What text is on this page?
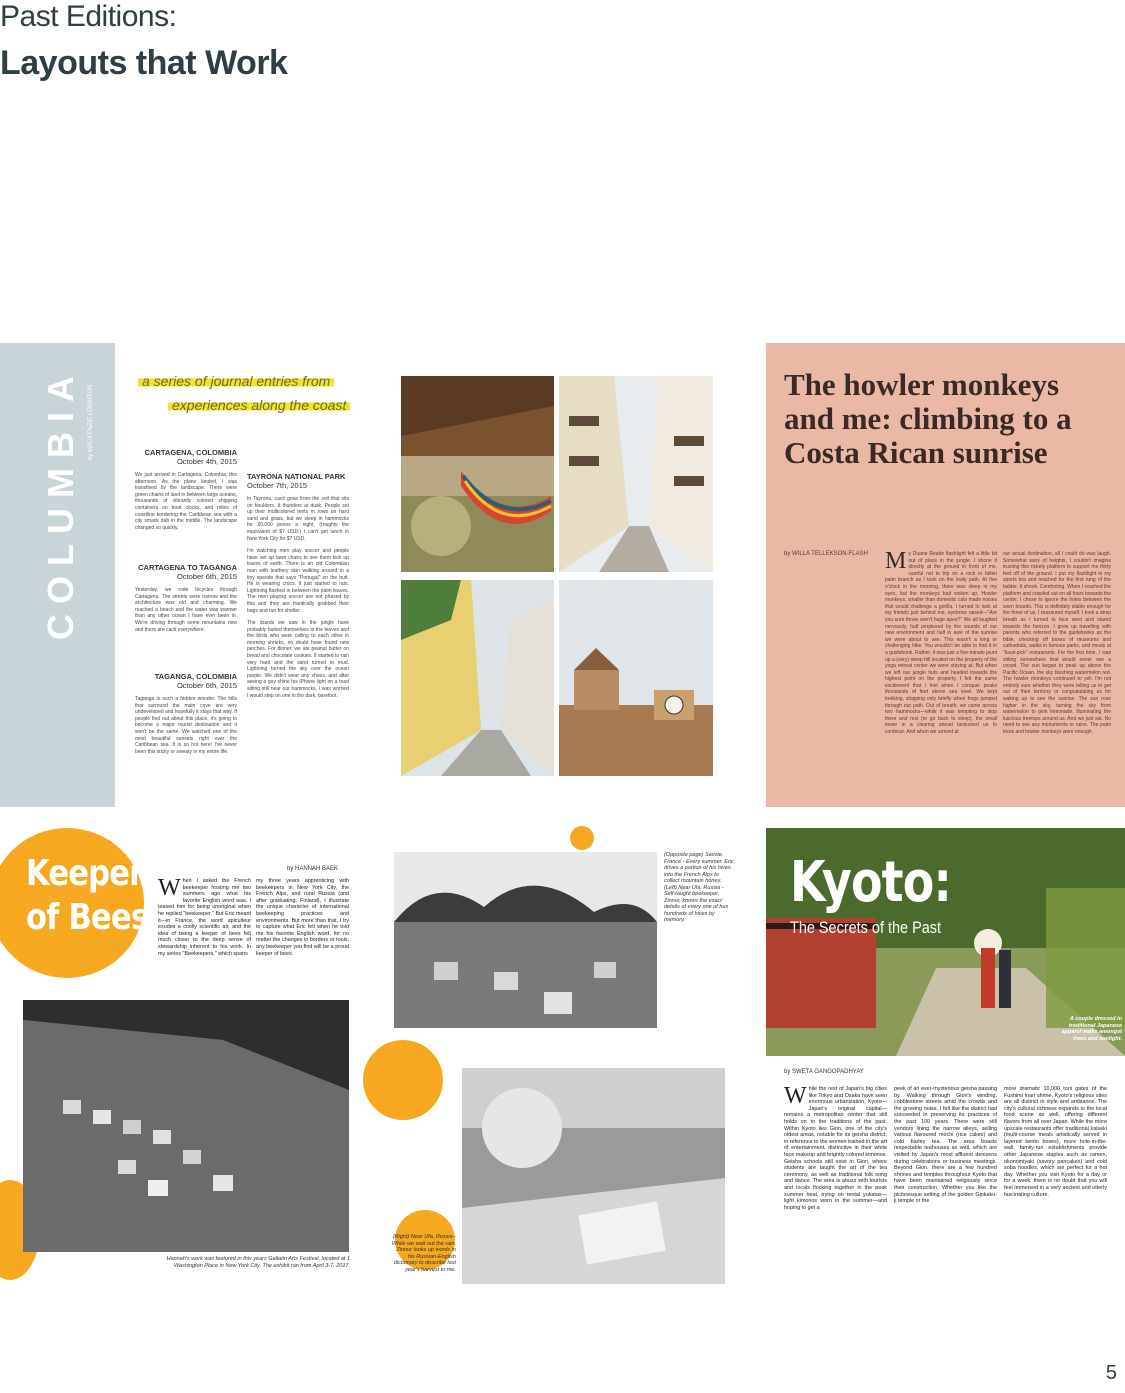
Past Editions:
Layouts that Work
COLUMBIA by MACKENZIE LEIGHTON
a series of journal entries from
experiences along the coast
CARTAGENA, COLOMBIA
October 4th, 2015
We just arrived in Cartagena, Colombia, this afternoon. As the plane landed, I was transfixed by the landscape. There were green chains of land in between large oceans, thousands of vibrantly colored shipping containers on boat clocks, and miles of coastline bordering the Caribbean sea with a city smack dab in the middle. The landscape changed so quickly.
CARTAGENA TO TAGANGA
October 6th, 2015
Yesterday, we rode bicycles through Cartagena. The streets were narrow and the architecture was old and charming. We reached a beach and the water was warmer than any other ocean I have ever been in. We're driving through some mountains now and there are cacti everywhere.
TAGANGA, COLOMBIA
October 6th, 2015
Taganga is such a hidden wonder. The hills that surround the main cove are very undeveloped and hopefully it stays that way. If people find out about this place, it's going to become a major tourist destination and it won't be the same. We watched one of the most beautiful sunsets right over the Caribbean sea. It is so hot here! I've never been this sticky or sweaty in my entire life.
TAYRONA NATIONAL PARK
October 7th, 2015
In Tayrona, cacti grow from the soil that sits on boulders. It thunders at dusk. People set up their multicolored tents in rows on hard sand and grass, but we sleep in hammocks for 20,000 pesos a night, (roughly the equivalent of $7 USD.) I can't get lunch in New York City for $7 USD.
I'm watching men play soccer and people have set up lawn chairs to see them kick up traces of earth. There is an old Colombian man with leathery skin walking around in a tiny speedo that says "Portugal" on the butt. He is wearing crocs. It just started to rain. Lightning flashed in between the palm leaves. The men playing soccer are not phased by this and they are frantically grabbed their bags and run for shelter.
The lizards we saw in the jungle have probably buried themselves in the leaves and the birds who were calling to each other in morning shrieks, no doubt have found new perches. For dinner, we ate peanut butter on bread and chocolate cookies. It started to rain very hard and the sand turned to mud. Lightning turned the sky over the ocean purple. We didn't wear any shoes, and after seeing a guy shine his iPhone light on a toad sitting still near our hammocks, I was worried I would step on one in the dark, barefoot.
The howler monkeys and me: climbing to a Costa Rican sunrise
by WILLA TELLEKSON-FLASH My Duane Reade flashlight felt a little bit out of place in the jungle. I shone it directly at the ground in front of me, careful not to trip on a rock or fallen palm branch as I took on the leafy path. At five o'clock in the morning, there was sleep in my eyes, but the monkeys had woken up. Howler monkeys, smaller than domestic cats made noises that would challenge a gorilla. I turned to look at my friends just behind me, eyebrow raised—"Are you sure those aren't huge apes?" We all laughed nervously, half perplexed by the sounds of our new environment and half in awe of the sunrise we were about to see. This wasn't a long or challenging hike. You wouldn't be able to find it in a guidebook. Rather, it was just a five-minute jaunt up a (very) steep hill located on the property of the yoga retreat center we were staying at. But when we left our jungle huts and headed towards the highest point on the property, I felt the same excitement that I feel when I conquer peaks thousands of feet above sea level. We kept trekking, stopping only briefly when frogs jumped through our path. Out of breath, we came across two hammocks—while it was tempting to stop there and rest (or go back to sleep), the small tower in a clearing ahead beckoned us to continue. And when we arrived at
our actual destination, all I could do was laugh. Somewhat wary of heights, I couldn't imagine trusting this rickety platform to support me thirty feet off of the ground. I put my flashlight in my sports bra and reached for the first rung of the ladder. It shook. Comforting. When I reached the platform and crawled out on all fours towards the center, I chose to ignore the holes between the worn boards. This is definitely stable enough for the three of us, I reassured myself. I took a deep breath as I turned to face west and stared towards the horizon. I grew up travelling with parents who referred to the guidebooks as the bible, checking off boxes of museums and cathedrals, walks in famous parks, and meals at "local-pick" restaurants. For the first time, I was sitting somewhere that would never see a crowd. The sun began to peak up above the Pacific Ocean, the sky blushing watermelon red. The howler monkeys continued to yell. I'm not entirely sure whether they were telling us to get out of their territory or congratulating us for waking up to see the sunrise. The sun rose higher in the sky, turning the sky from watermelon to pink lemonade, illuminating the luscious treetops around us. And we just sat. No need to see any monuments or ruins. The palm trees and howler monkeys were enough.
Keeper
of Bees
by HANNAH BAEK
When I asked the French beekeeper hosting me two summers ago what his favorite English word was, I teased him for being unoriginal when he replied "beekeeper." But Eric meant it—in France, the word apiculteur exudes a coolly scientific air, and the idea of being a keeper of bees felt much closer to the deep sense of stewardship inherent to his work. In my series "Beekeepers," which spans
my three years apprenticing with beekeepers in New York City, the French Alps, and rural Russia (and after graduating, Finland), I illustrate the unique character of international beekeeping practices and environments. But more than that, I try to capture what Eric felt when he told me his favorite English word, for no matter the changes in borders or tools, any beekeeper you find will be a proud keeper of bees.
Hannah's work was featured in this years Gallatin Arts Festival, located at 1 Washington Place in New York City. The exhibit ran from April 3-7, 2017.
(Opposite page) Savoie, France - Every summer, Eric drives a portion of his hives into the French Alps to collect mountain honey. (Left) Near Ufa, Russia - Self-taught beekeeper, Zinnur, knows the exact details of every one of hus hundreds of hives by memory.
(Right) Near Ufa, Russia - While we wait out the rain, Zinnur looks up words in his Russian-English dictionary to describe last year's harvest to me.
Kyoto:
The Secrets of the Past
A couple dressed in traditional Japanese apparel walks amongst trees and sunlight.
by SWETA GANGOPADHYAY
While the rest of Japan's big cities like Tokyo and Osaka have seen enormous urbanization, Kyoto—Japan's original capital—remains a metropolitan center that still holds on to the traditions of the past. Within Kyoto lies Gion, one of the city's oldest areas, notable for its geisha district, in reference to the women trained in the art of entertainment, distinctive in their white face makeup and brightly colored kimonos. Geisha schools still exist in Gion, where students are taught the art of the tea ceremony, as well as traditional folk song and dance. The area is abuzz with tourists and locals flocking together in the peak summer heat, trying on rental yukatas—light kimonos worn in the summer—and hoping to get a
peek of an ever-mysterious geisha passing by. Walking through Gion's winding, cobblestone streets amid the crowds and the growing noise, I felt like the district had succeeded in preserving its practices of the past 100 years. There were still vendors lining the narrow alleys, selling various flavoured mochi (rice cakes) and cold barley tea. The area boasts respectable teahouses as well, which are visited by Japan's most affluent denizens during celebrations or business meetings. Beyond Gion, there are a few hundred shrines and temples throughout Kyoto that have been maintained religiously since their construction. Whether you like the picturesque setting of the golden Ginkaku-ji temple or the
more dramatic 10,000 torii gates of the Fushimi Inari shrine, Kyoto's religious sites are all distinct in style and ambiance. The city's cultural richness expands to the local food scene as well, offering different flavors from all over Japan. While the more upscale restaurants offer traditional kaiseki (multi-course meals artistically served in layered bento boxes), more hole-in-the-wall, family-run establishments provide other Japanese staples such as ramen, okonomiyaki (savory pancakes) and cold soba noodles, which are perfect for a hot day. Whether you visit Kyoto for a day or for a week, there is no doubt that you will feel immersed in a very ancient and utterly fascinating culture.
5
